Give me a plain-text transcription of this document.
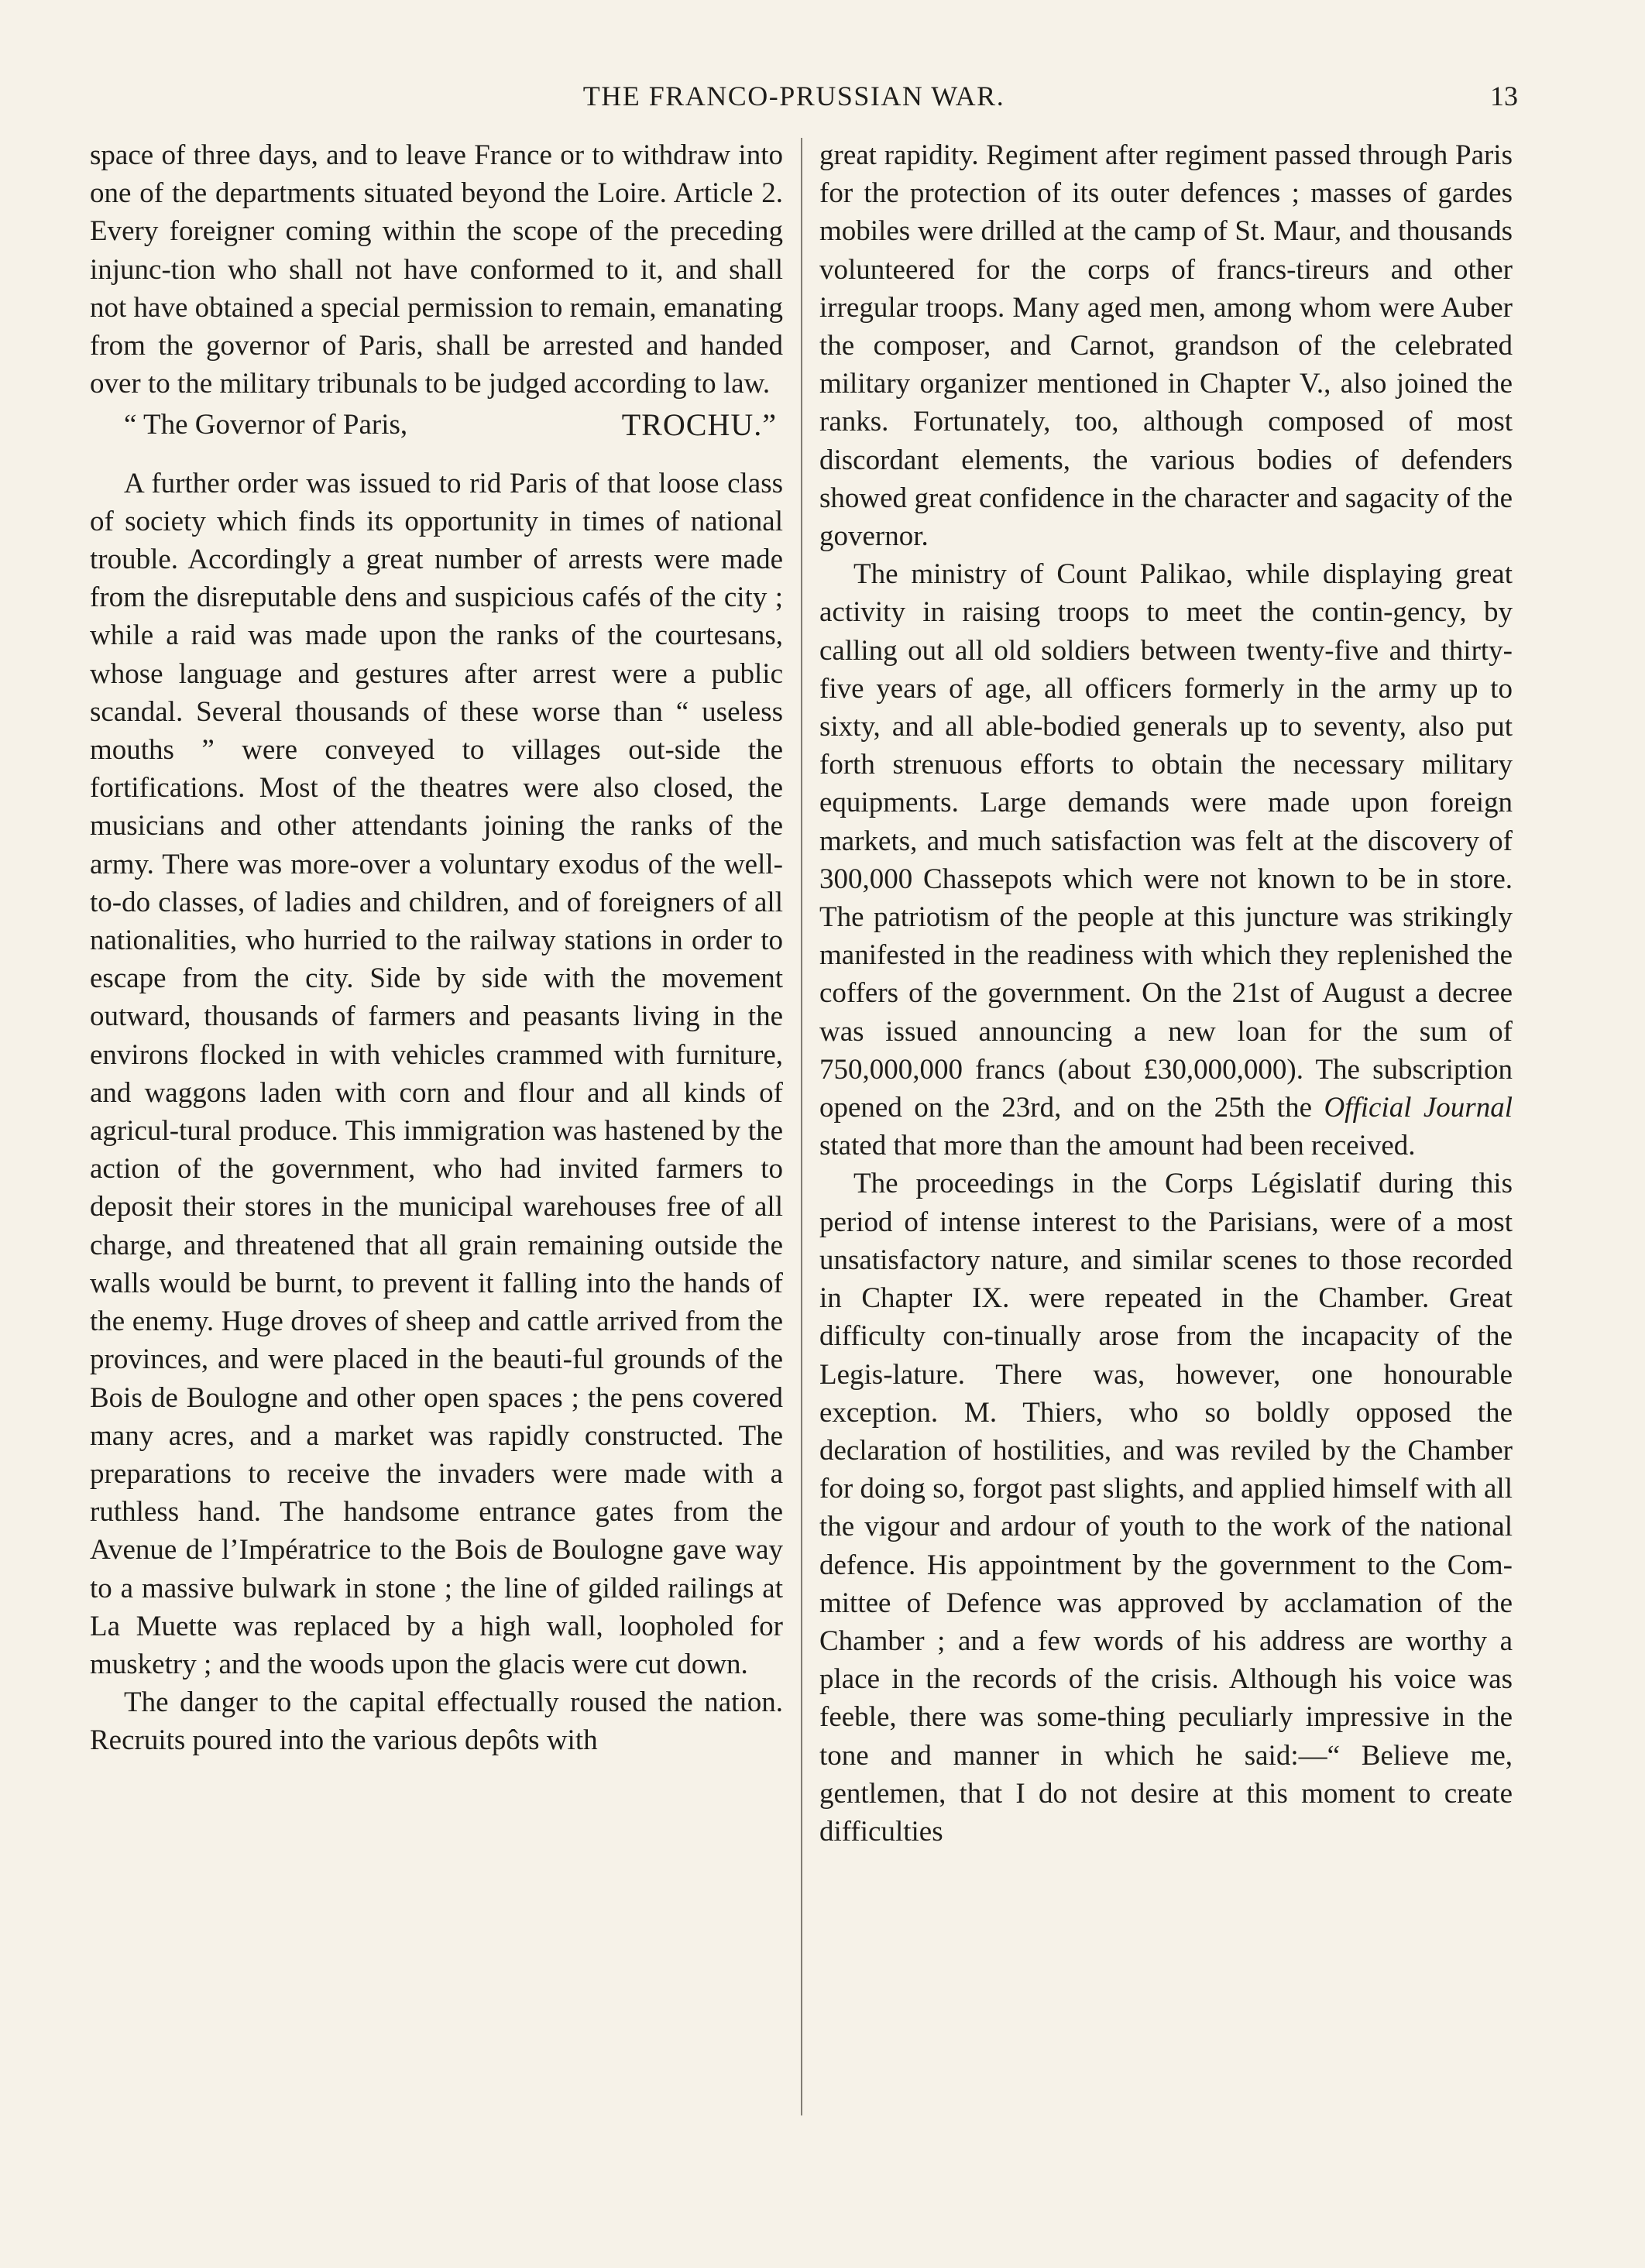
THE FRANCO-PRUSSIAN WAR.	13

space of three days, and to leave France or to withdraw into one of the departments situated beyond the Loire. Article 2. Every foreigner coming within the scope of the preceding injunc-tion who shall not have conformed to it, and shall not have obtained a special permission to remain, emanating from the governor of Paris, shall be arrested and handed over to the military tribunals to be judged according to law.

“ The Governor of Paris,	TROCHU.”

A further order was issued to rid Paris of that loose class of society which finds its opportunity in times of national trouble. Accordingly a great number of arrests were made from the disreputable dens and suspicious cafés of the city ; while a raid was made upon the ranks of the courtesans, whose language and gestures after arrest were a public scandal. Several thousands of these worse than “ useless mouths ” were conveyed to villages out-side the fortifications. Most of the theatres were also closed, the musicians and other attendants joining the ranks of the army. There was more-over a voluntary exodus of the well-to-do classes, of ladies and children, and of foreigners of all nationalities, who hurried to the railway stations in order to escape from the city. Side by side with the movement outward, thousands of farmers and peasants living in the environs flocked in with vehicles crammed with furniture, and waggons laden with corn and flour and all kinds of agricul-tural produce. This immigration was hastened by the action of the government, who had invited farmers to deposit their stores in the municipal warehouses free of all charge, and threatened that all grain remaining outside the walls would be burnt, to prevent it falling into the hands of the enemy. Huge droves of sheep and cattle arrived from the provinces, and were placed in the beauti-ful grounds of the Bois de Boulogne and other open spaces ; the pens covered many acres, and a market was rapidly constructed. The preparations to receive the invaders were made with a ruthless hand. The handsome entrance gates from the Avenue de l’Impératrice to the Bois de Boulogne gave way to a massive bulwark in stone ; the line of gilded railings at La Muette was replaced by a high wall, loopholed for musketry ; and the woods upon the glacis were cut down.

The danger to the capital effectually roused the nation. Recruits poured into the various depôts with

great rapidity. Regiment after regiment passed through Paris for the protection of its outer defences ; masses of gardes mobiles were drilled at the camp of St. Maur, and thousands volunteered for the corps of francs-tireurs and other irregular troops. Many aged men, among whom were Auber the composer, and Carnot, grandson of the celebrated military organizer mentioned in Chapter V., also joined the ranks. Fortunately, too, although composed of most discordant elements, the various bodies of defenders showed great confidence in the character and sagacity of the governor.

The ministry of Count Palikao, while displaying great activity in raising troops to meet the contin-gency, by calling out all old soldiers between twenty-five and thirty-five years of age, all officers formerly in the army up to sixty, and all able-bodied generals up to seventy, also put forth strenuous efforts to obtain the necessary military equipments. Large demands were made upon foreign markets, and much satisfaction was felt at the discovery of 300,000 Chassepots which were not known to be in store. The patriotism of the people at this juncture was strikingly manifested in the readiness with which they replenished the coffers of the government. On the 21st of August a decree was issued announcing a new loan for the sum of 750,000,000 francs (about £30,000,000). The subscription opened on the 23rd, and on the 25th the Official Journal stated that more than the amount had been received.

The proceedings in the Corps Législatif during this period of intense interest to the Parisians, were of a most unsatisfactory nature, and similar scenes to those recorded in Chapter IX. were repeated in the Chamber. Great difficulty con-tinually arose from the incapacity of the Legis-lature. There was, however, one honourable exception. M. Thiers, who so boldly opposed the declaration of hostilities, and was reviled by the Chamber for doing so, forgot past slights, and applied himself with all the vigour and ardour of youth to the work of the national defence. His appointment by the government to the Com-mittee of Defence was approved by acclamation of the Chamber ; and a few words of his address are worthy a place in the records of the crisis. Although his voice was feeble, there was some-thing peculiarly impressive in the tone and manner in which he said:—“ Believe me, gentlemen, that I do not desire at this moment to create difficulties
